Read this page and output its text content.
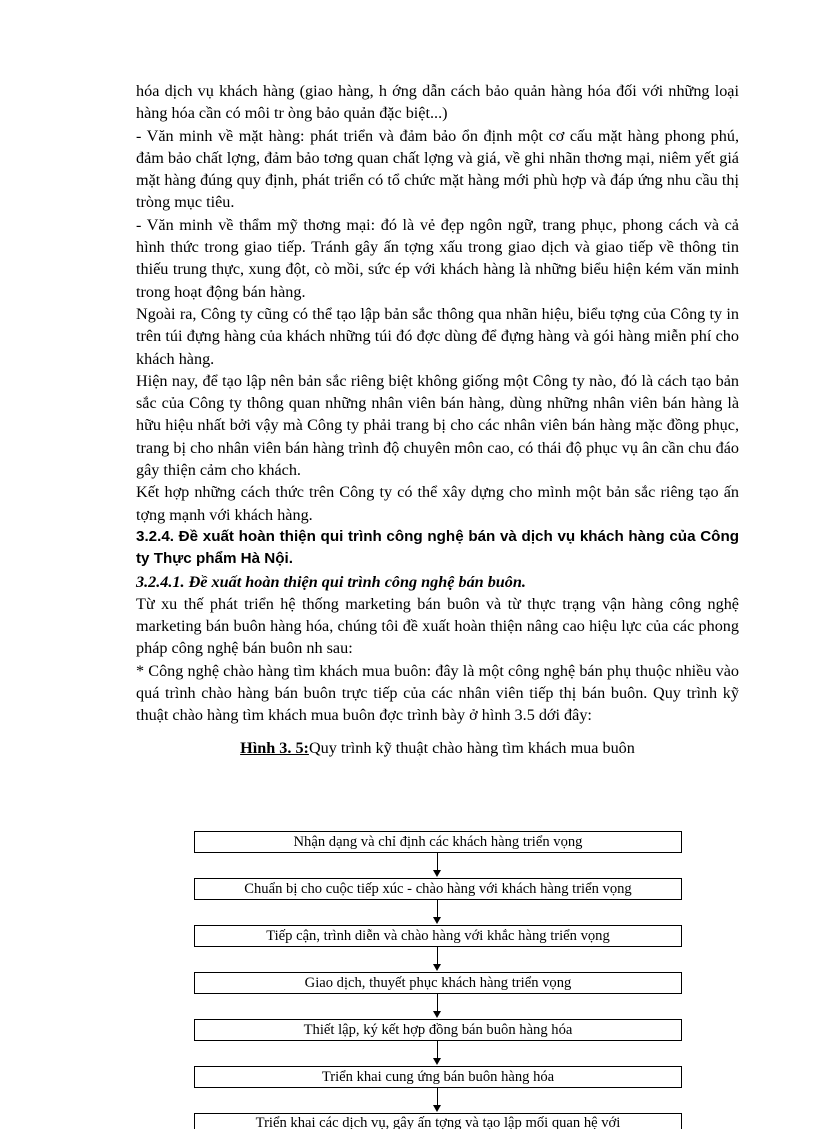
hóa dịch vụ khách hàng (giao hàng, h ớng dẫn cách bảo quản hàng hóa đối với những loại hàng hóa cần có môi tr òng bảo quản đặc biệt...)

- Văn minh về mặt hàng: phát triển và đảm bảo ổn định một cơ cấu mặt hàng phong phú, đảm bảo chất lợng, đảm bảo tơng quan chất lợng và giá, về ghi nhãn thơng mại, niêm yết giá mặt hàng đúng quy định, phát triển có tổ chức mặt hàng mới phù hợp và đáp ứng nhu cầu thị tròng mục tiêu.

- Văn minh về thẩm mỹ thơng mại: đó là vẻ đẹp ngôn ngữ, trang phục, phong cách và cả hình thức trong giao tiếp. Tránh gây ấn tợng xấu trong giao dịch và giao tiếp về thông tin thiếu trung thực, xung đột, cò mồi, sức ép với khách hàng là những biểu hiện kém văn minh trong hoạt động bán hàng.

Ngoài ra, Công ty cũng có thể tạo lập bản sắc thông qua nhãn hiệu, biểu tợng của Công ty in trên túi đựng hàng của khách những túi đó đợc dùng để đựng hàng và gói hàng miễn phí cho khách hàng.

Hiện nay, để tạo lập nên bản sắc riêng biệt không giống một Công ty nào, đó là cách tạo bản sắc của Công ty thông quan những nhân viên bán hàng, dùng những nhân viên bán hàng là hữu hiệu nhất bởi vậy mà Công ty phải trang bị cho các nhân viên bán hàng mặc đồng phục, trang bị cho nhân viên bán hàng trình độ chuyên môn cao, có thái độ phục vụ ân cần chu đáo gây thiện cảm cho khách.

Kết hợp những cách thức trên Công ty có thể xây dựng cho mình một bản sắc riêng tạo ấn tợng mạnh với khách hàng.

3.2.4. Đề xuất hoàn thiện qui trình công nghệ bán và dịch vụ khách hàng của Công ty Thực phẩm Hà Nội.
3.2.4.1. Đề xuất hoàn thiện qui trình công nghệ bán buôn.

Từ xu thế phát triển hệ thống marketing bán buôn và từ thực trạng vận hàng công nghệ marketing bán buôn hàng hóa, chúng tôi đề xuất hoàn thiện nâng cao hiệu lực của các phong pháp công nghệ bán buôn nh sau:

* Công nghệ chào hàng tìm khách mua buôn: đây là một công nghệ bán phụ thuộc nhiều vào quá trình chào hàng bán buôn trực tiếp của các nhân viên tiếp thị bán buôn. Quy trình kỹ thuật chào hàng tìm khách mua buôn đợc trình bày ở hình 3.5 dới đây:

Hình 3. 5:Quy trình kỹ thuật chào hàng tìm khách mua buôn
Nhận dạng và chỉ định các khách hàng triển vọng
Chuẩn bị cho cuộc tiếp xúc - chào hàng với khách hàng triển vọng
Tiếp cận, trình diễn và chào hàng với khắc hàng triển vọng
Giao dịch, thuyết phục khách hàng triển vọng
Thiết lập, ký kết hợp đồng bán buôn hàng hóa
Triển khai cung ứng bán buôn hàng hóa
Triển khai các dịch vụ, gây ấn tợng và tạo lập mối quan hệ với
